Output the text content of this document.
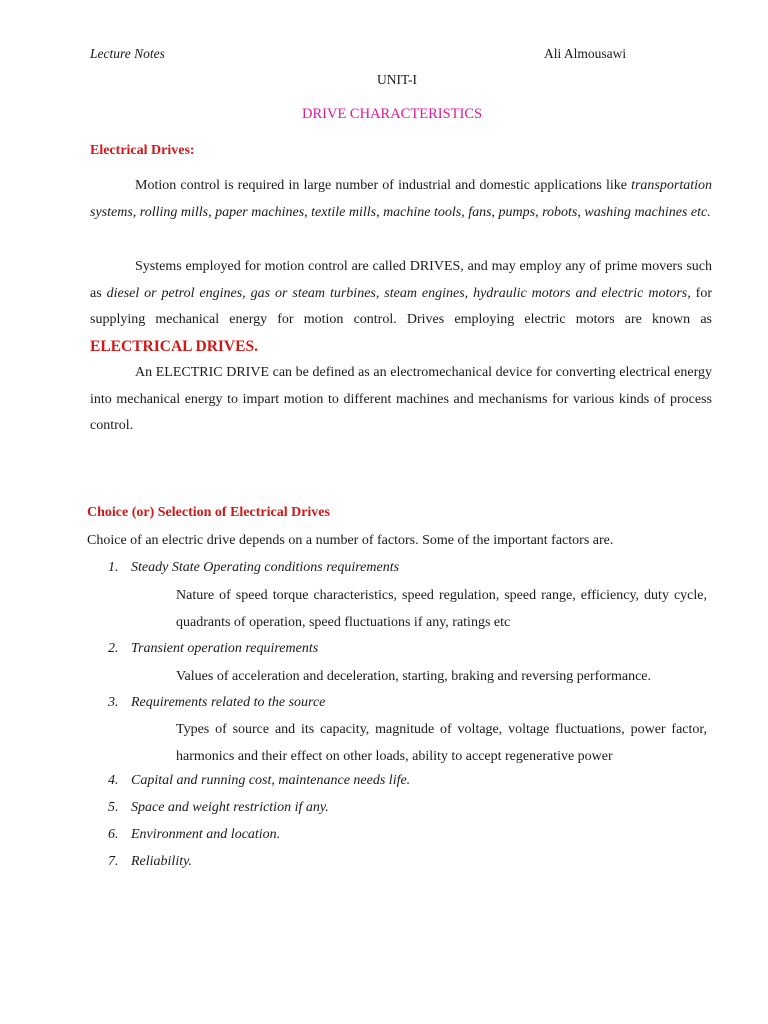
Lecture Notes	Ali Almousawi
UNIT-I
DRIVE CHARACTERISTICS
Electrical Drives:
Motion control is required in large number of industrial and domestic applications like transportation systems, rolling mills, paper machines, textile mills, machine tools, fans, pumps, robots, washing machines etc.
Systems employed for motion control are called DRIVES, and may employ any of prime movers such as diesel or petrol engines, gas or steam turbines, steam engines, hydraulic motors and electric motors, for supplying mechanical energy for motion control. Drives employing electric motors are known as ELECTRICAL DRIVES.
An ELECTRIC DRIVE can be defined as an electromechanical device for converting electrical energy into mechanical energy to impart motion to different machines and mechanisms for various kinds of process control.
Choice (or) Selection of Electrical Drives
Choice of an electric drive depends on a number of factors. Some of the important factors are.
1. Steady State Operating conditions requirements
Nature of speed torque characteristics, speed regulation, speed range, efficiency, duty cycle, quadrants of operation, speed fluctuations if any, ratings etc
2. Transient operation requirements
Values of acceleration and deceleration, starting, braking and reversing performance.
3. Requirements related to the source
Types of source and its capacity, magnitude of voltage, voltage fluctuations, power factor, harmonics and their effect on other loads, ability to accept regenerative power
4. Capital and running cost, maintenance needs life.
5. Space and weight restriction if any.
6. Environment and location.
7. Reliability.
